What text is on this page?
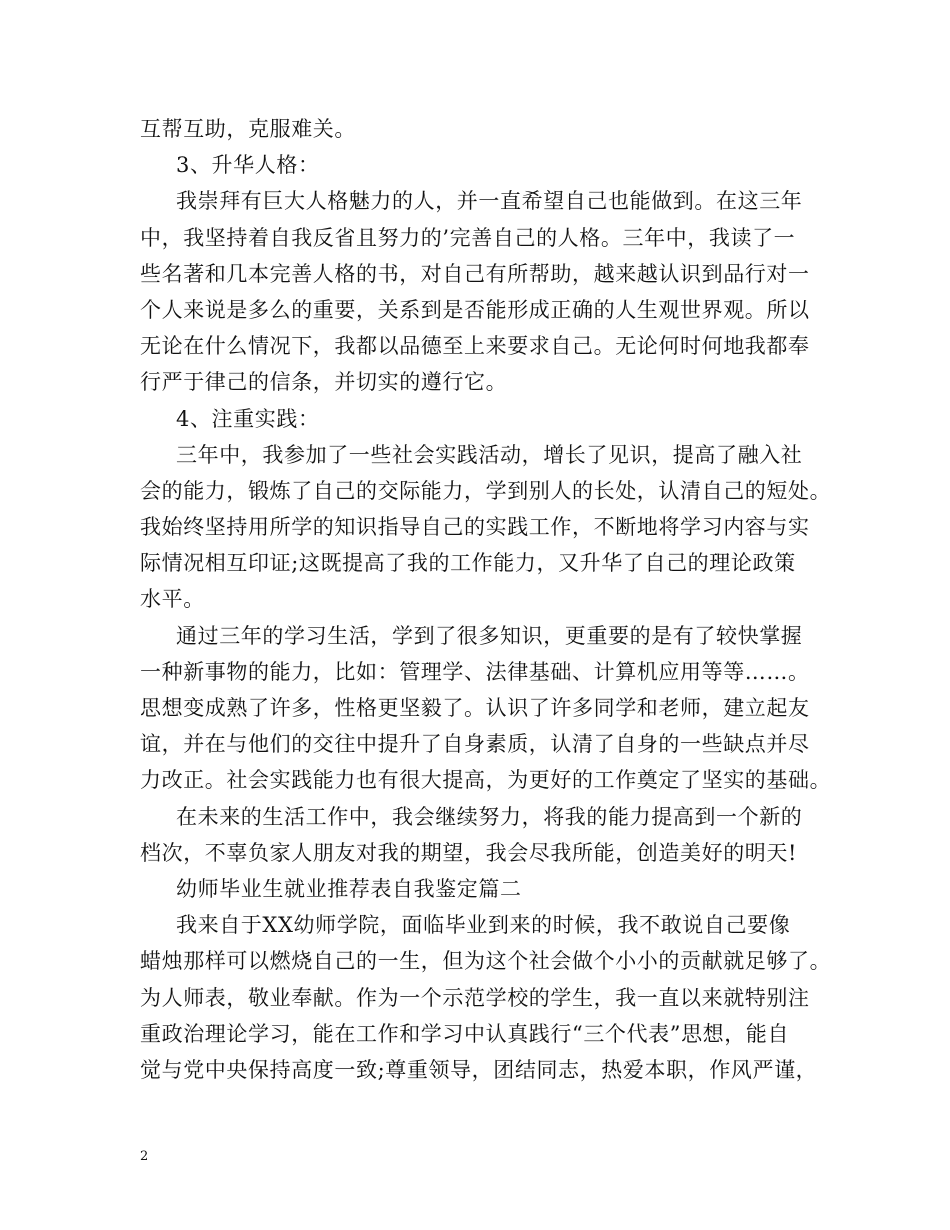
互帮互助，克服难关。
3、升华人格：
我崇拜有巨大人格魅力的人，并一直希望自己也能做到。在这三年
中，我坚持着自我反省且努力的’完善自己的人格。三年中，我读了一
些名著和几本完善人格的书，对自己有所帮助，越来越认识到品行对一
个人来说是多么的重要，关系到是否能形成正确的人生观世界观。所以
无论在什么情况下，我都以品德至上来要求自己。无论何时何地我都奉
行严于律己的信条，并切实的遵行它。
4、注重实践：
三年中，我参加了一些社会实践活动，增长了见识，提高了融入社
会的能力，锻炼了自己的交际能力，学到别人的长处，认清自己的短处。
我始终坚持用所学的知识指导自己的实践工作，不断地将学习内容与实
际情况相互印证;这既提高了我的工作能力，又升华了自己的理论政策
水平。
通过三年的学习生活，学到了很多知识，更重要的是有了较快掌握
一种新事物的能力，比如：管理学、法律基础、计算机应用等等……。
思想变成熟了许多，性格更坚毅了。认识了许多同学和老师，建立起友
谊，并在与他们的交往中提升了自身素质，认清了自身的一些缺点并尽
力改正。社会实践能力也有很大提高，为更好的工作奠定了坚实的基础。
在未来的生活工作中，我会继续努力，将我的能力提高到一个新的
档次，不辜负家人朋友对我的期望，我会尽我所能，创造美好的明天!
幼师毕业生就业推荐表自我鉴定篇二
我来自于XX幼师学院，面临毕业到来的时候，我不敢说自己要像
蜡烛那样可以燃烧自己的一生，但为这个社会做个小小的贡献就足够了。
为人师表，敬业奉献。作为一个示范学校的学生，我一直以来就特别注
重政治理论学习，能在工作和学习中认真践行“三个代表”思想，能自
觉与党中央保持高度一致;尊重领导，团结同志，热爱本职，作风严谨，
2
